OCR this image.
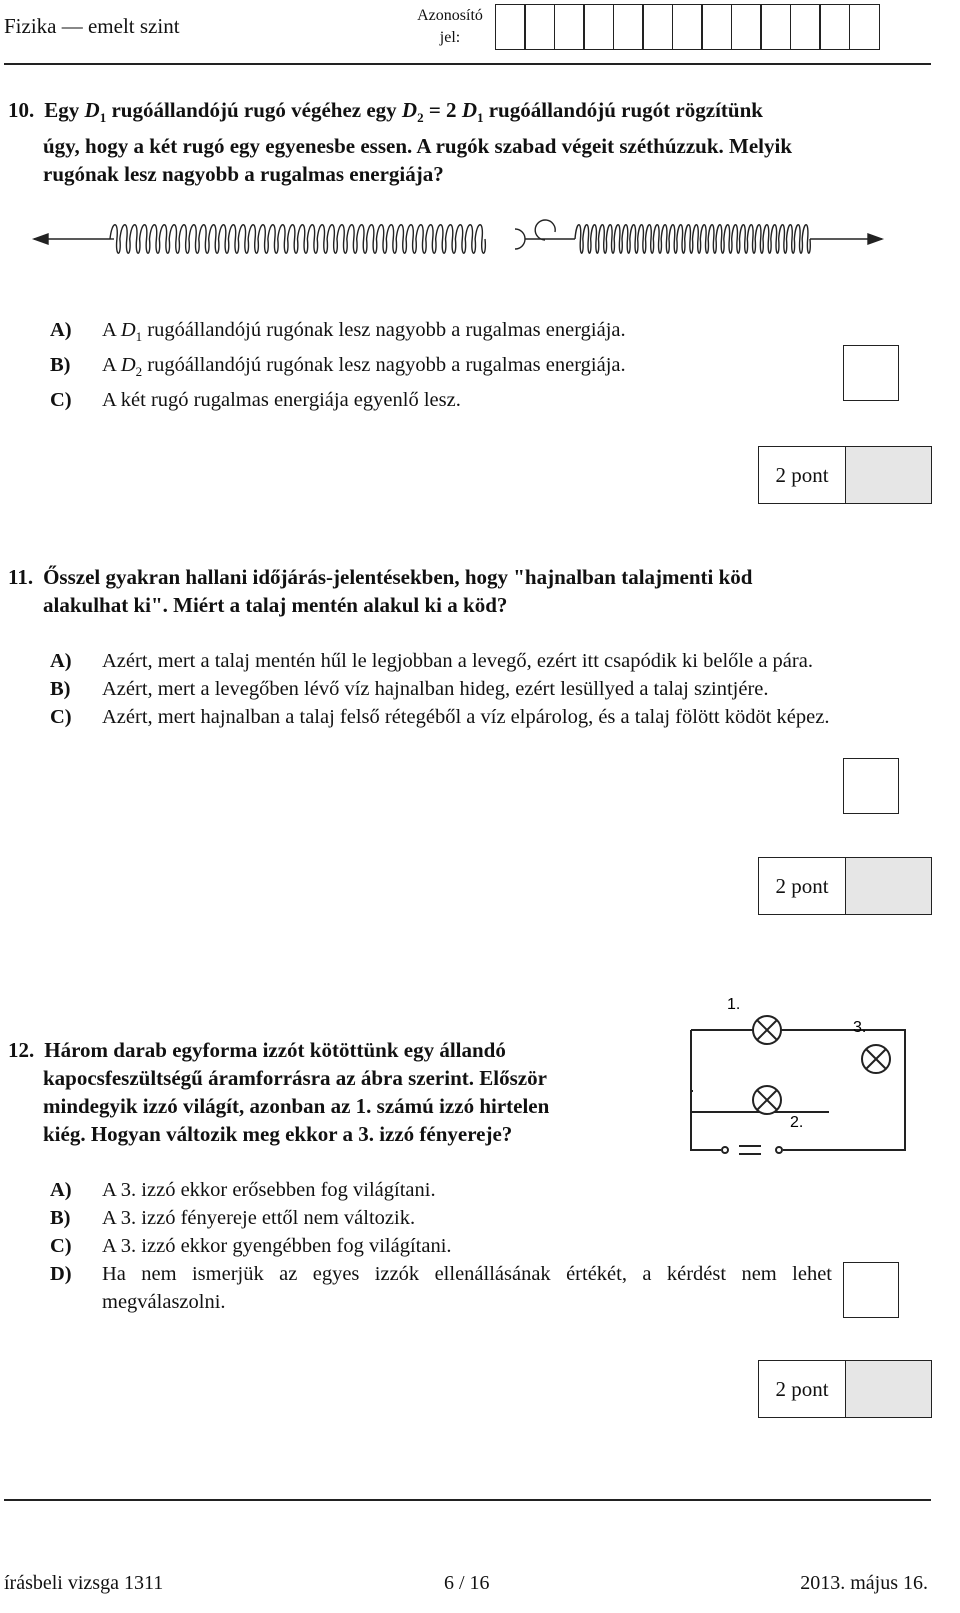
Fizika — emelt szint	Azonosító
jel:
10. Egy $D_1$ rugóállandójú rugó végéhez egy $D_2 = 2$ $D_1$ rugóállandójú rugót rögzítünk
úgy, hogy a két rugó egy egyenesbe essen. A rugók szabad végeit széthúzzuk. Melyik
rugónak lesz nagyobb a rugalmas energiája?
A)	A $D_1$ rugóállandójú rugónak lesz nagyobb a rugalmas energiája.
B)	A $D_2$ rugóállandójú rugónak lesz nagyobb a rugalmas energiája.
C)	A két rugó rugalmas energiája egyenlő lesz.
2 pont
11. Ősszel gyakran hallani időjárás-jelentésekben, hogy "hajnalban talajmenti köd
alakulhat ki". Miért a talaj mentén alakul ki a köd?
A)	Azért, mert a talaj mentén hűl le legjobban a levegő, ezért itt csapódik ki belőle a pára.
B)	Azért, mert a levegőben lévő víz hajnalban hideg, ezért lesüllyed a talaj szintjére.
C)	Azért, mert hajnalban a talaj felső rétegéből a víz elpárolog, és a talaj fölött ködöt képez.
2 pont
12. Három darab egyforma izzót kötöttünk egy állandó
kapocsfeszültségű áramforrásra az ábra szerint. Először
mindegyik izzó világít, azonban az 1. számú izzó hirtelen
kiég. Hogyan változik meg ekkor a 3. izzó fényereje?
1.
3.
2.
A)	A 3. izzó ekkor erősebben fog világítani.
B)	A 3. izzó fényereje ettől nem változik.
C)	A 3. izzó ekkor gyengébben fog világítani.
D)	Ha nem ismerjük az egyes izzók ellenállásának értékét, a kérdést nem lehet megválaszolni.
2 pont
írásbeli vizsga 1311	6 / 16	2013. május 16.
